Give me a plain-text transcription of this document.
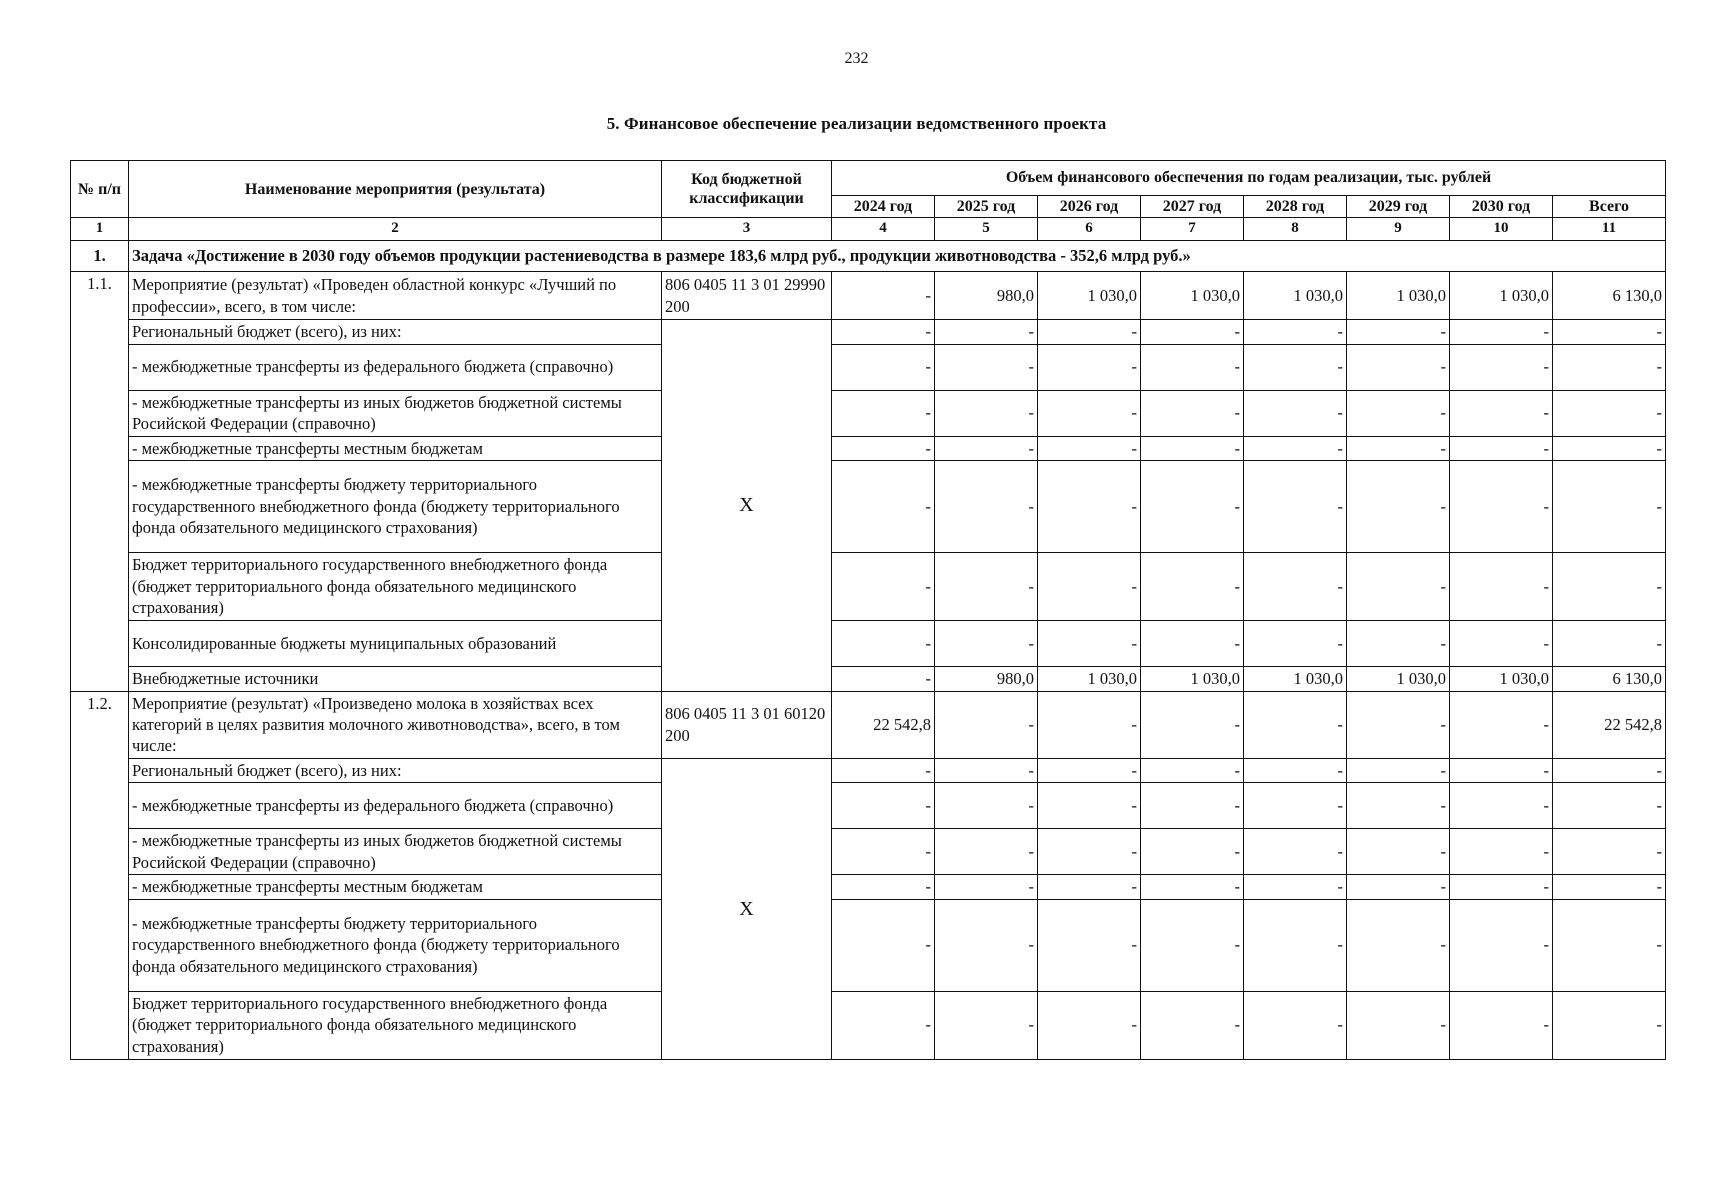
232
5. Финансовое обеспечение реализации ведомственного проекта
№ п/п	Наименование мероприятия (результата)	Код бюджетной классификации	Объем финансового обеспечения по годам реализации, тыс. рублей							
			2024 год	2025 год	2026 год	2027 год	2028 год	2029 год	2030 год	Всего
1	2	3	4	5	6	7	8	9	10	11
1.	Задача «Достижение в 2030 году объемов продукции растениеводства в размере 183,6 млрд руб., продукции животноводства - 352,6 млрд руб.»									
1.1.	Мероприятие (результат) «Проведен областной конкурс «Лучший по профессии», всего, в том числе:	806 0405 11 3 01 29990 200	-	980,0	1 030,0	1 030,0	1 030,0	1 030,0	1 030,0	6 130,0
	Региональный бюджет (всего), из них:	X	-	-	-	-	-	-	-	-
	- межбюджетные трансферты из федерального бюджета (справочно)		-	-	-	-	-	-	-	-
	- межбюджетные трансферты из иных бюджетов бюджетной системы Росийской Федерации (справочно)		-	-	-	-	-	-	-	-
	- межбюджетные трансферты местным бюджетам		-	-	-	-	-	-	-	-
	- межбюджетные трансферты бюджету территориального государственного внебюджетного фонда (бюджету территориального фонда обязательного медицинского страхования)		-	-	-	-	-	-	-	-
	Бюджет территориального государственного внебюджетного фонда (бюджет территориального фонда обязательного медицинского страхования)		-	-	-	-	-	-	-	-
	Консолидированные бюджеты муниципальных образований		-	-	-	-	-	-	-	-
	Внебюджетные источники		-	980,0	1 030,0	1 030,0	1 030,0	1 030,0	1 030,0	6 130,0
1.2.	Мероприятие (результат) «Произведено молока в хозяйствах всех категорий в целях развития молочного животноводства», всего, в том числе:	806 0405 11 3 01 60120 200	22 542,8	-	-	-	-	-	-	22 542,8
	Региональный бюджет (всего), из них:	X	-	-	-	-	-	-	-	-
	- межбюджетные трансферты из федерального бюджета (справочно)		-	-	-	-	-	-	-	-
	- межбюджетные трансферты из иных бюджетов бюджетной системы Росийской Федерации (справочно)		-	-	-	-	-	-	-	-
	- межбюджетные трансферты местным бюджетам		-	-	-	-	-	-	-	-
	- межбюджетные трансферты бюджету территориального государственного внебюджетного фонда (бюджету территориального фонда обязательного медицинского страхования)		-	-	-	-	-	-	-	-
	Бюджет территориального государственного внебюджетного фонда (бюджет территориального фонда обязательного медицинского страхования)		-	-	-	-	-	-	-	-
